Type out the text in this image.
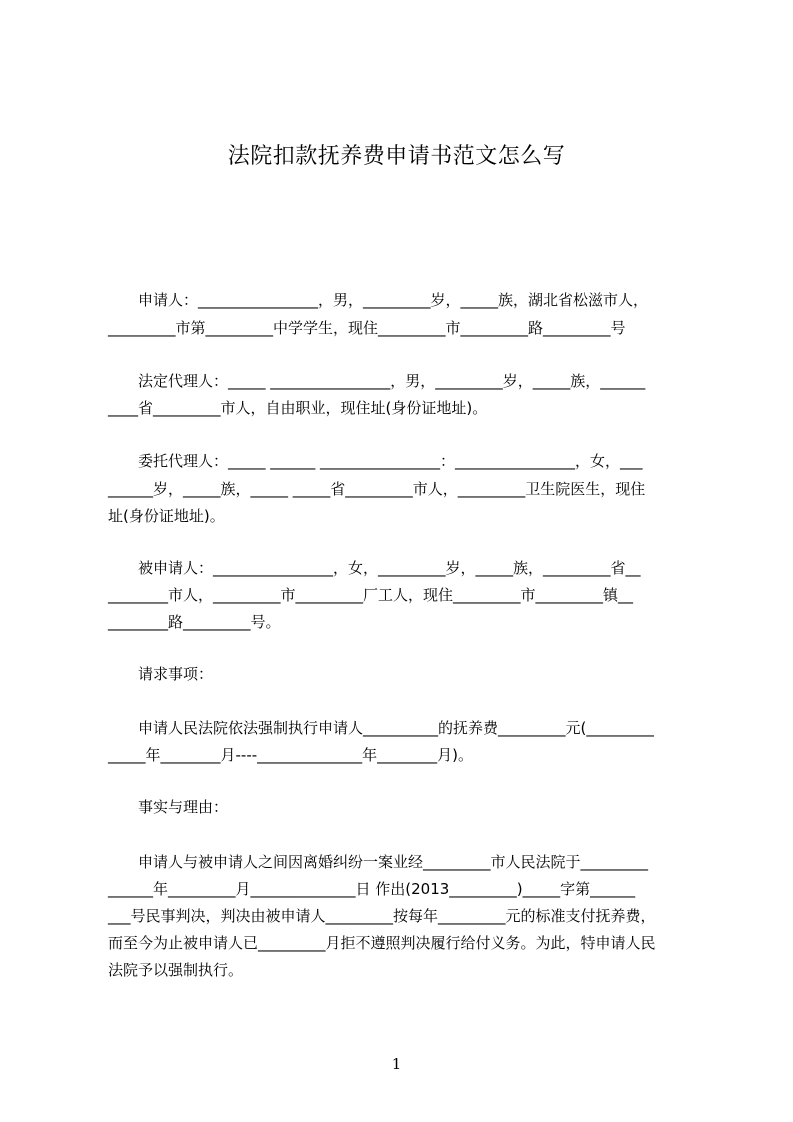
法院扣款抚养费申请书范文怎么写
　　申请人：________________，男，_________岁，_____族，湖北省松滋市人，
_________市第_________中学学生，现住_________市_________路_________号
　　法定代理人：_____ ________________，男，_________岁，_____族，______
____省_________市人，自由职业，现住址(身份证地址)。
　　委托代理人：_____ ______ ________________：________________，女，___
______岁，_____族，_____ _____省_________市人，_________卫生院医生，现住
址(身份证地址)。
　　被申请人：________________，女，_________岁，_____族，_________省__
________市人，_________市_________厂工人，现住_________市_________镇__
________路_________号。
　　请求事项：
　　申请人民法院依法强制执行申请人__________的抚养费_________元(_________
_____年________月----______________年________月)。
　　事实与理由：
　　申请人与被申请人之间因离婚纠纷一案业经_________市人民法院于_________
______年_________月______________日 作出(2013_________)_____字第______
___号民事判决，判决由被申请人_________按每年_________元的标准支付抚养费，
而至今为止被申请人已_________月拒不遵照判决履行给付义务。为此，特申请人民
法院予以强制执行。
1
